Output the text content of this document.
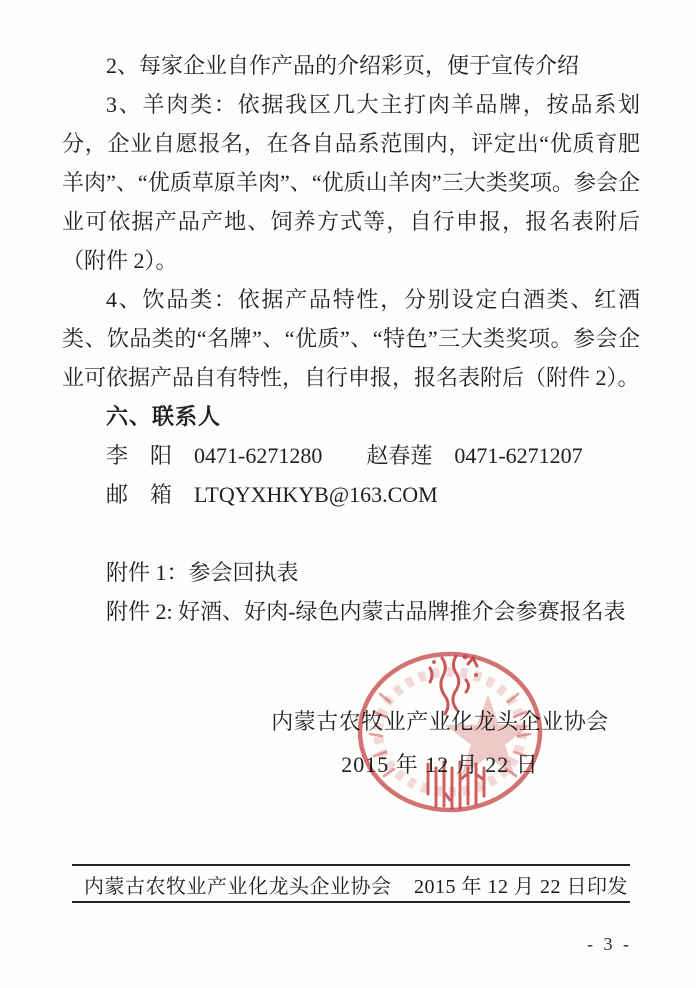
2、每家企业自作产品的介绍彩页，便于宣传介绍

3、羊肉类：依据我区几大主打肉羊品牌，按品系划分，企业自愿报名，在各自品系范围内，评定出“优质育肥羊肉”、“优质草原羊肉”、“优质山羊肉”三大类奖项。参会企业可依据产品产地、饲养方式等，自行申报，报名表附后（附件 2）。

4、饮品类：依据产品特性，分别设定白酒类、红酒类、饮品类的“名牌”、“优质”、“特色”三大类奖项。参会企业可依据产品自有特性，自行申报，报名表附后（附件 2）。

六、联系人

李　阳　0471-6271280　　赵春莲　0471-6271207

邮　箱　LTQYXHKYB@163.COM

附件 1：参会回执表

附件 2: 好酒、好肉-绿色内蒙古品牌推介会参赛报名表

内蒙古农牧业产业化龙头企业协会
2015 年 12 月 22 日
内蒙古农牧业产业化龙头企业协会 2015 年 12 月 22 日印发
- 3 -
